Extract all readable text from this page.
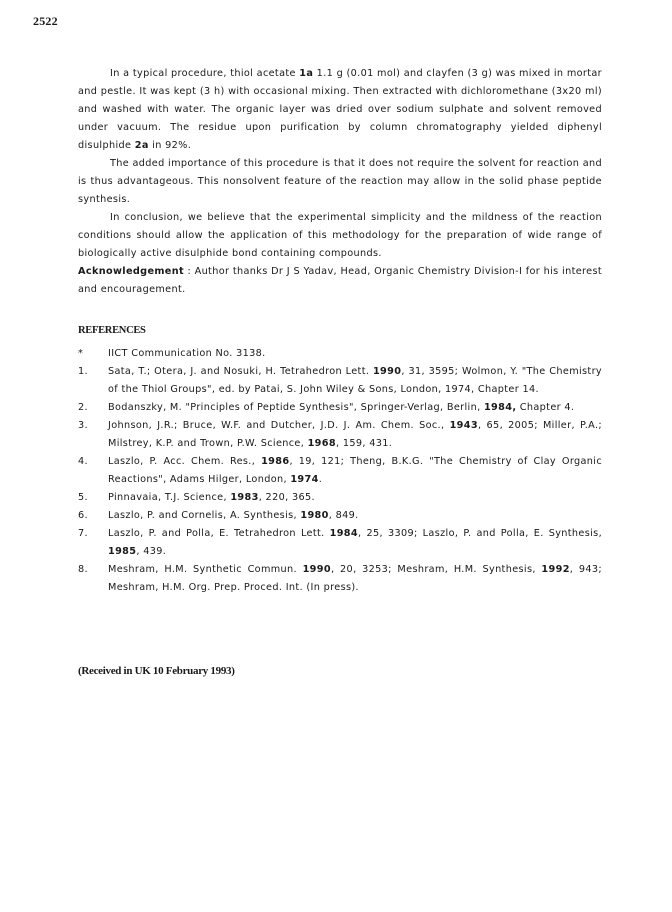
2522

In a typical procedure, thiol acetate 1a 1.1 g (0.01 mol) and clayfen (3 g) was mixed in mortar and pestle. It was kept (3 h) with occasional mixing. Then extracted with dichloromethane (3x20 ml) and washed with water. The organic layer was dried over sodium sulphate and solvent removed under vacuum. The residue upon purification by column chromatography yielded diphenyl disulphide 2a in 92%.

The added importance of this procedure is that it does not require the solvent for reaction and is thus advantageous. This nonsolvent feature of the reaction may allow in the solid phase peptide synthesis.

In conclusion, we believe that the experimental simplicity and the mildness of the reaction conditions should allow the application of this methodology for the preparation of wide range of biologically active disulphide bond containing compounds.

Acknowledgement : Author thanks Dr J S Yadav, Head, Organic Chemistry Division-I for his interest and encouragement.

REFERENCES
*	IICT Communication No. 3138.
1.	Sata, T.; Otera, J. and Nosuki, H. Tetrahedron Lett. 1990, 31, 3595; Wolmon, Y. "The Chemistry of the Thiol Groups", ed. by Patai, S. John Wiley & Sons, London, 1974, Chapter 14.
2.	Bodanszky, M. "Principles of Peptide Synthesis", Springer-Verlag, Berlin, 1984, Chapter 4.
3.	Johnson, J.R.; Bruce, W.F. and Dutcher, J.D. J. Am. Chem. Soc., 1943, 65, 2005; Miller, P.A.; Milstrey, K.P. and Trown, P.W. Science, 1968, 159, 431.
4.	Laszlo, P. Acc. Chem. Res., 1986, 19, 121; Theng, B.K.G. "The Chemistry of Clay Organic Reactions", Adams Hilger, London, 1974.
5.	Pinnavaia, T.J. Science, 1983, 220, 365.
6.	Laszlo, P. and Cornelis, A. Synthesis, 1980, 849.
7.	Laszlo, P. and Polla, E. Tetrahedron Lett. 1984, 25, 3309; Laszlo, P. and Polla, E. Synthesis, 1985, 439.
8.	Meshram, H.M. Synthetic Commun. 1990, 20, 3253; Meshram, H.M. Synthesis, 1992, 943; Meshram, H.M. Org. Prep. Proced. Int. (In press).
(Received in UK 10 February 1993)
